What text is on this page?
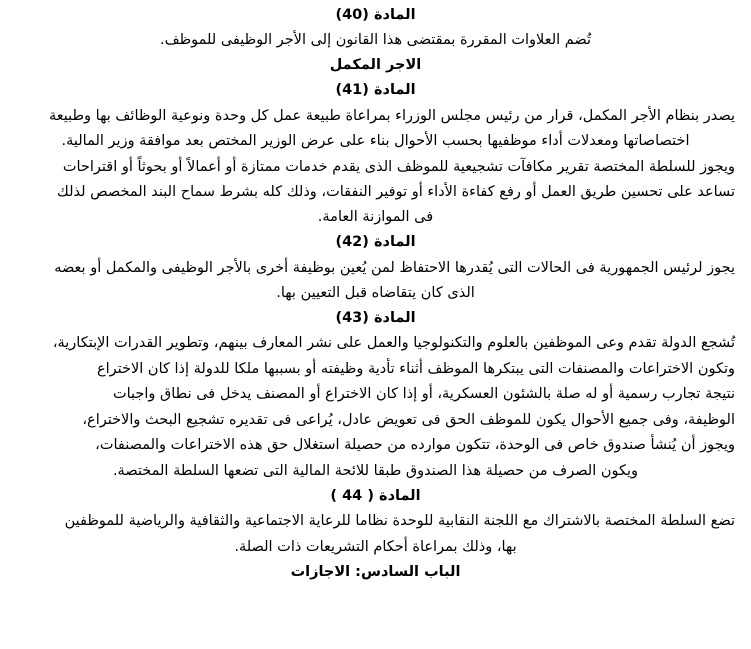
المادة (40)
تُضم العلاوات المقررة بمقتضى هذا القانون إلى الأجر الوظيفى للموظف.
الاجر المكمل
المادة (41)
يصدر بنظام الأجر المكمل، قرار من رئيس مجلس الوزراء بمراعاة طبيعة عمل كل وحدة ونوعية الوظائف بها وطبيعة
اختصاصاتها ومعدلات أداء موظفيها بحسب الأحوال بناء على عرض الوزير المختص بعد موافقة وزير المالية.
ويجوز للسلطة المختصة تقرير مكافآت تشجيعية للموظف الذى يقدم خدمات ممتازة أو أعمالاً أو بحوثاً أو اقتراحات
تساعد على تحسين طريق العمل أو رفع كفاءة الأداء أو توفير النفقات، وذلك كله بشرط سماح البند المخصص لذلك
فى الموازنة العامة.
المادة (42)
يجوز لرئيس الجمهورية فى الحالات التى يُقدرها الاحتفاظ لمن يُعين بوظيفة أخرى بالأجر الوظيفى والمكمل أو بعضه
الذى كان يتقاضاه قبل التعيين بها.
المادة (43)
تُشجع الدولة تقدم وعى الموظفين بالعلوم والتكنولوجيا والعمل على نشر المعارف بينهم، وتطوير القدرات الإبتكارية،
وتكون الاختراعات والمصنفات التى يبتكرها الموظف أثناء تأدية وظيفته أو بسببها ملكا للدولة إذا كان الاختراع
نتيجة تجارب رسمية أو له صلة بالشئون العسكرية، أو إذا كان الاختراع أو المصنف يدخل فى نطاق واجبات
الوظيفة، وفى جميع الأحوال يكون للموظف الحق فى تعويض عادل، يُراعى فى تقديره تشجيع البحث والاختراع،
ويجوز أن يُنشأ صندوق خاص فى الوحدة، تتكون موارده من حصيلة استغلال حق هذه الاختراعات والمصنفات،
ويكون الصرف من حصيلة هذا الصندوق طبقا للائحة المالية التى تضعها السلطة المختصة.
المادة ( 44 )
تضع السلطة المختصة بالاشتراك مع اللجنة النقابية للوحدة نظاما للرعاية الاجتماعية والثقافية والرياضية للموظفين
بها، وذلك بمراعاة أحكام التشريعات ذات الصلة.
الباب السادس: الاجازات
